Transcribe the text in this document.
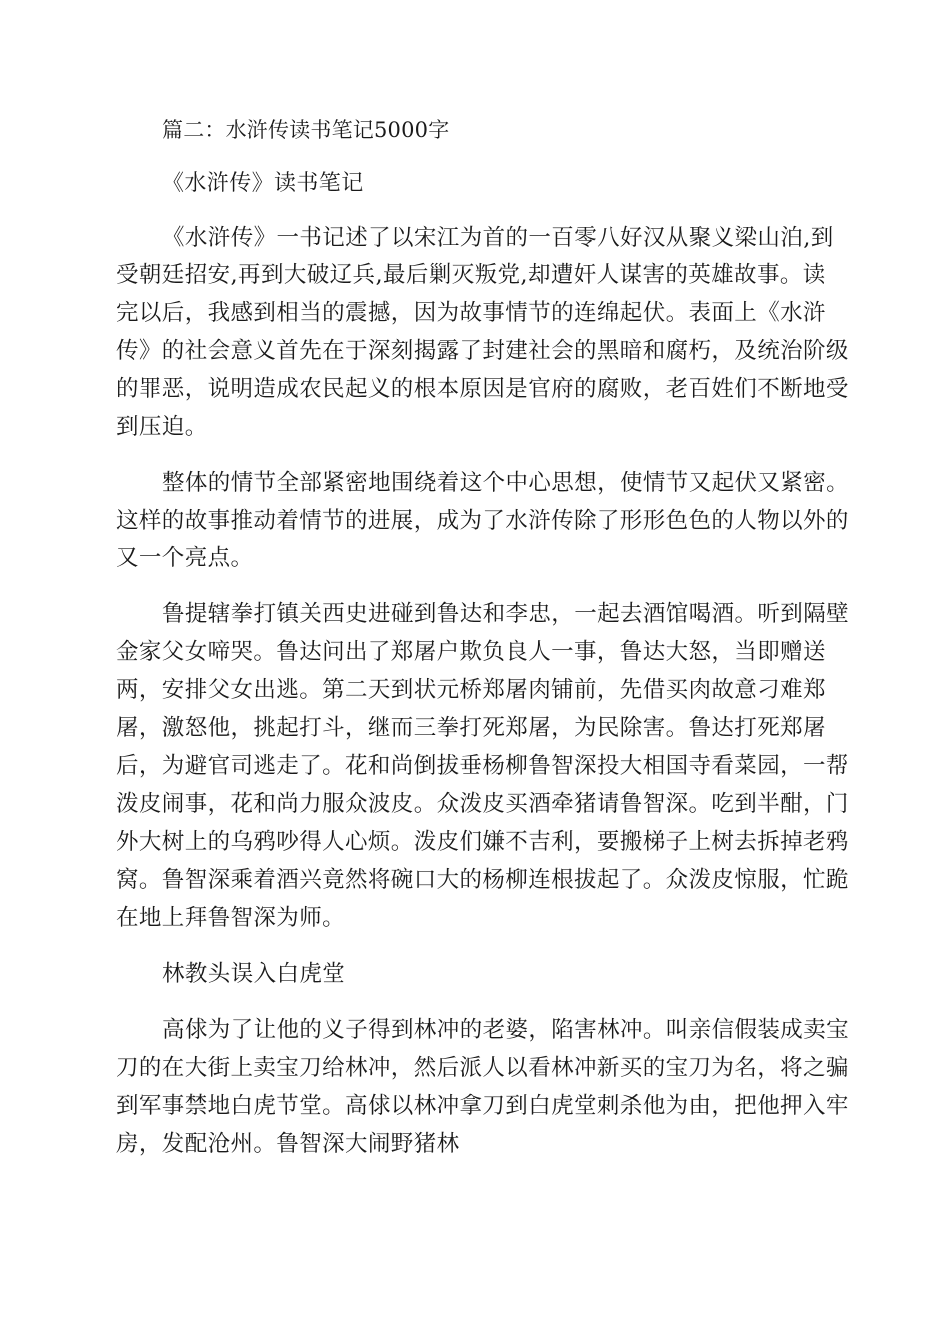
篇二：水浒传读书笔记5000字

《水浒传》读书笔记

《水浒传》一书记述了以宋江为首的一百零八好汉从聚义梁山泊,到

受朝廷招安,再到大破辽兵,最后剿灭叛党,却遭奸人谋害的英雄故事。读

完以后，我感到相当的震撼，因为故事情节的连绵起伏。表面上《水浒

传》的社会意义首先在于深刻揭露了封建社会的黑暗和腐朽，及统治阶级

的罪恶，说明造成农民起义的根本原因是官府的腐败，老百姓们不断地受

到压迫。

整体的情节全部紧密地围绕着这个中心思想，使情节又起伏又紧密。

这样的故事推动着情节的进展，成为了水浒传除了形形色色的人物以外的

又一个亮点。

鲁提辖拳打镇关西史进碰到鲁达和李忠，一起去酒馆喝酒。听到隔壁

金家父女啼哭。鲁达问出了郑屠户欺负良人一事，鲁达大怒，当即赠送

两，安排父女出逃。第二天到状元桥郑屠肉铺前，先借买肉故意刁难郑

屠，激怒他，挑起打斗，继而三拳打死郑屠，为民除害。鲁达打死郑屠

后，为避官司逃走了。花和尚倒拔垂杨柳鲁智深投大相国寺看菜园，一帮

泼皮闹事，花和尚力服众波皮。众泼皮买酒牵猪请鲁智深。吃到半酣，门

外大树上的乌鸦吵得人心烦。泼皮们嫌不吉利，要搬梯子上树去拆掉老鸦

窝。鲁智深乘着酒兴竟然将碗口大的杨柳连根拔起了。众泼皮惊服，忙跪

在地上拜鲁智深为师。

林教头误入白虎堂

高俅为了让他的义子得到林冲的老婆，陷害林冲。叫亲信假装成卖宝

刀的在大街上卖宝刀给林冲，然后派人以看林冲新买的宝刀为名，将之骗

到军事禁地白虎节堂。高俅以林冲拿刀到白虎堂刺杀他为由，把他押入牢

房，发配沧州。鲁智深大闹野猪林
